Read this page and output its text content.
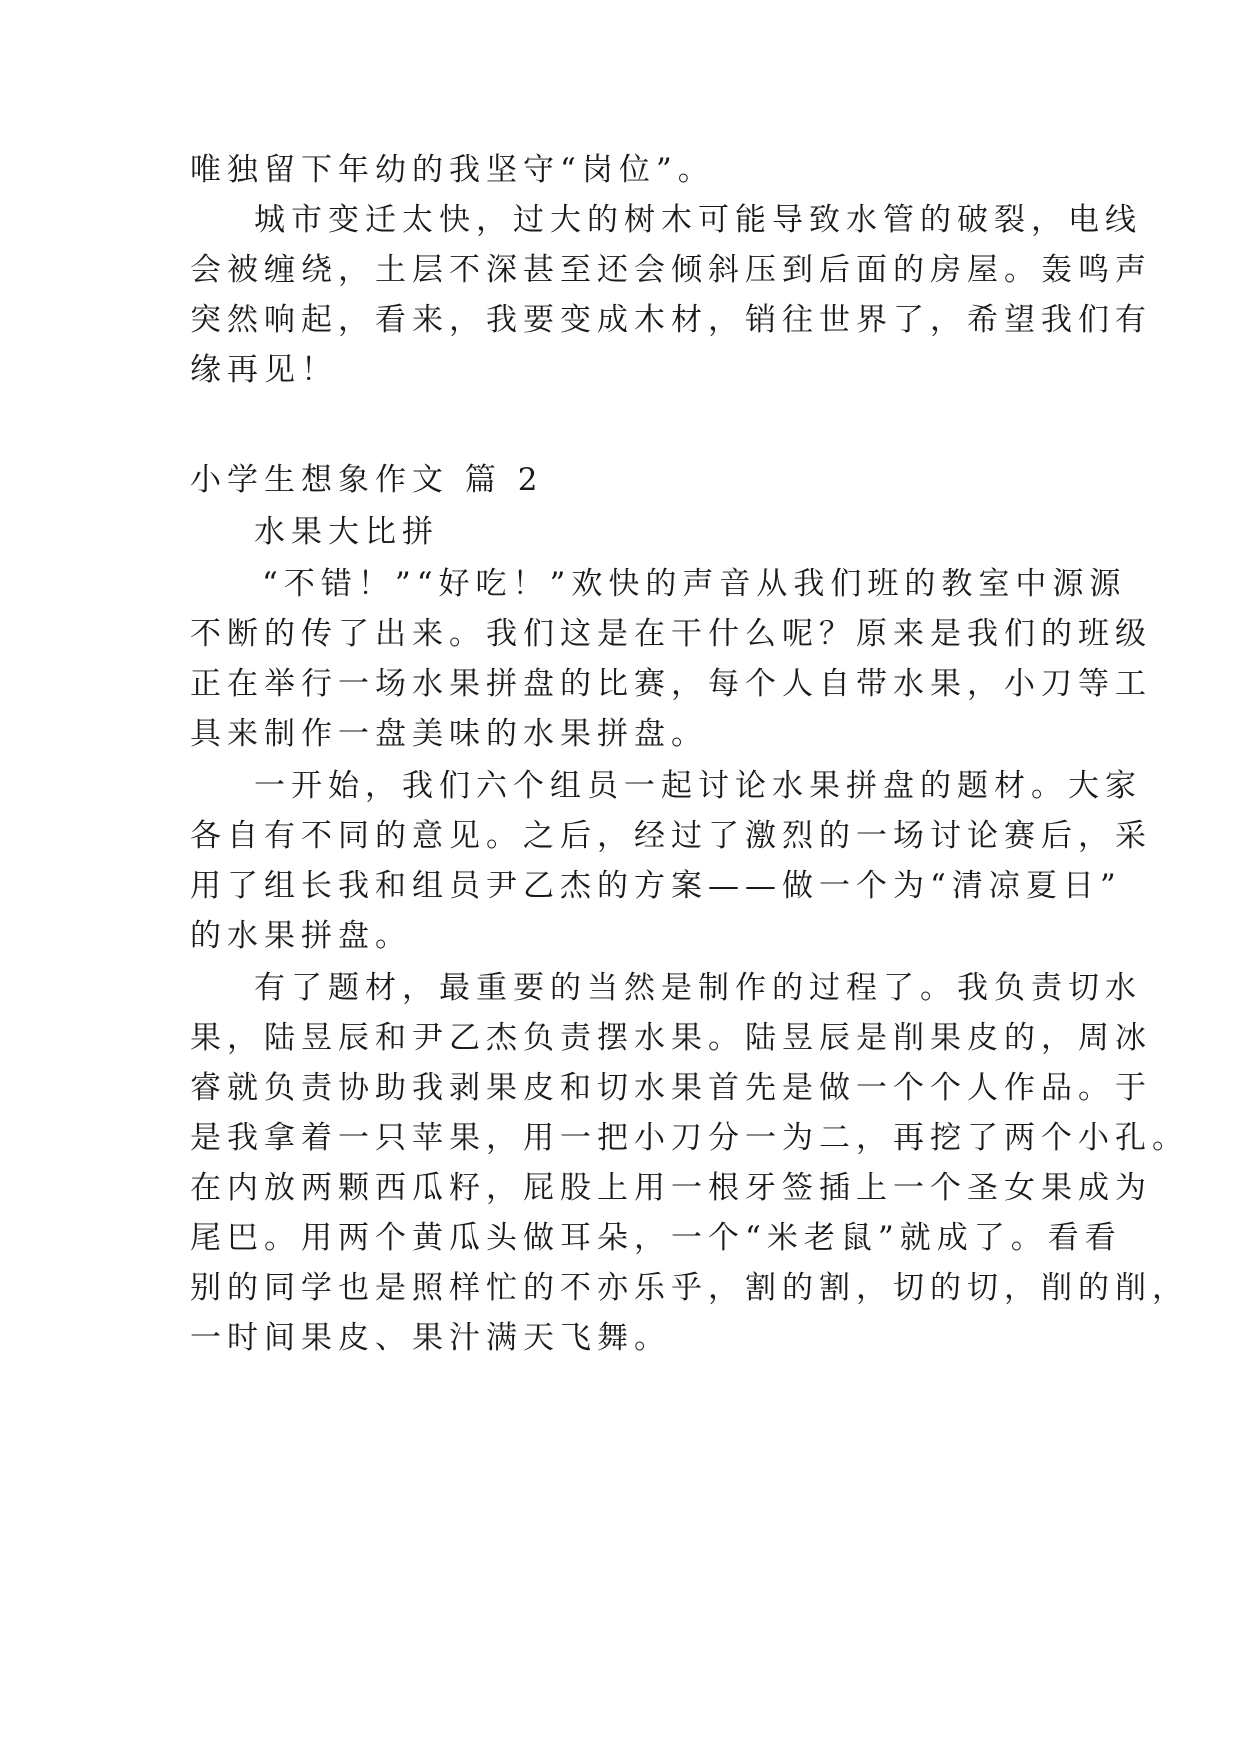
唯独留下年幼的我坚守“岗位”。
城市变迁太快，过大的树木可能导致水管的破裂，电线
会被缠绕，土层不深甚至还会倾斜压到后面的房屋。轰鸣声
突然响起，看来，我要变成木材，销往世界了，希望我们有
缘再见！
小学生想象作文 篇 2
水果大比拼
“不错！”“好吃！”欢快的声音从我们班的教室中源源
不断的传了出来。我们这是在干什么呢？原来是我们的班级
正在举行一场水果拼盘的比赛，每个人自带水果，小刀等工
具来制作一盘美味的水果拼盘。
一开始，我们六个组员一起讨论水果拼盘的题材。大家
各自有不同的意见。之后，经过了激烈的一场讨论赛后，采
用了组长我和组员尹乙杰的方案——做一个为“清凉夏日”
的水果拼盘。
有了题材，最重要的当然是制作的过程了。我负责切水
果，陆昱辰和尹乙杰负责摆水果。陆昱辰是削果皮的，周冰
睿就负责协助我剥果皮和切水果首先是做一个个人作品。于
是我拿着一只苹果，用一把小刀分一为二，再挖了两个小孔。
在内放两颗西瓜籽，屁股上用一根牙签插上一个圣女果成为
尾巴。用两个黄瓜头做耳朵，一个“米老鼠”就成了。看看
别的同学也是照样忙的不亦乐乎，割的割，切的切，削的削，
一时间果皮、果汁满天飞舞。
